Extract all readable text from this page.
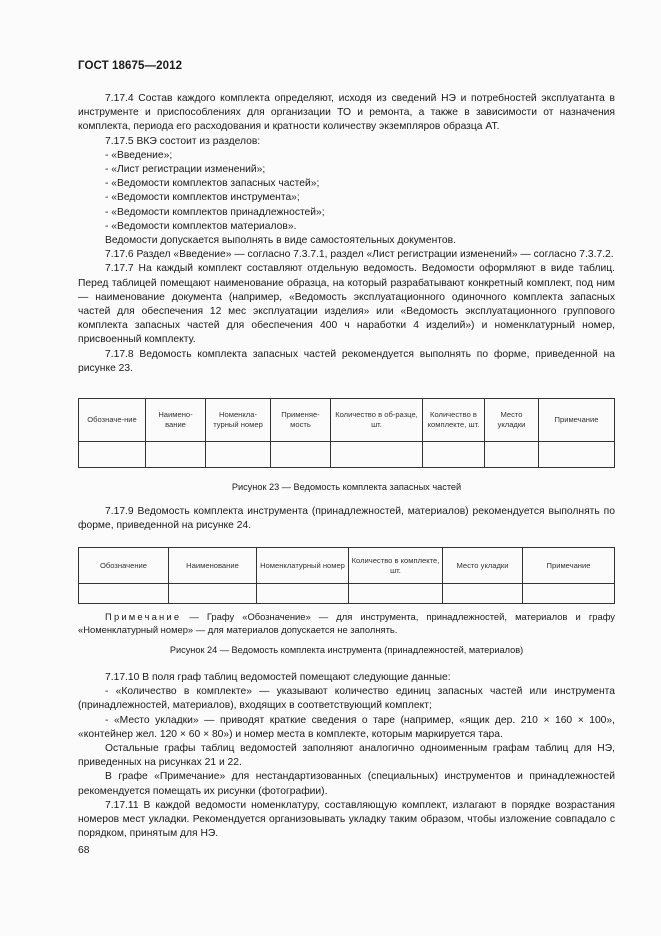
ГОСТ 18675—2012

7.17.4 Состав каждого комплекта определяют, исходя из сведений НЭ и потребностей эксплуатанта в инструменте и приспособлениях для организации ТО и ремонта, а также в зависимости от назначения комплекта, периода его расходования и кратности количеству экземпляров образца АТ.

7.17.5 ВКЭ состоит из разделов:

- «Введение»;

- «Лист регистрации изменений»;

- «Ведомости комплектов запасных частей»;

- «Ведомости комплектов инструмента»;

- «Ведомости комплектов принадлежностей»;

- «Ведомости комплектов материалов».

Ведомости допускается выполнять в виде самостоятельных документов.

7.17.6 Раздел «Введение» — согласно 7.3.7.1, раздел «Лист регистрации изменений» — согласно 7.3.7.2.

7.17.7 На каждый комплект составляют отдельную ведомость. Ведомости оформляют в виде таблиц. Перед таблицей помещают наименование образца, на который разрабатывают конкретный комплект, под ним — наименование документа (например, «Ведомость эксплуатационного одиночного комплекта запасных частей для обеспечения 12 мес эксплуатации изделия» или «Ведомость эксплуатационного группового комплекта запасных частей для обеспечения 400 ч наработки 4 изделий») и номенклатурный номер, присвоенный комплекту.

7.17.8 Ведомость комплекта запасных частей рекомендуется выполнять по форме, приведенной на рисунке 23.

Обозначе-ние	Наимено-вание	Номенкла-турный номер	Применяе-мость	Количество в об-разце, шт.	Количество в комплекте, шт.	Место укладки	Примечание

Рисунок 23 — Ведомость комплекта запасных частей

7.17.9 Ведомость комплекта инструмента (принадлежностей, материалов) рекомендуется выполнять по форме, приведенной на рисунке 24.

Обозначение	Наименование	Номенклатурный номер	Количество в комплекте, шт.	Место укладки	Примечание

Примечание — Графу «Обозначение» — для инструмента, принадлежностей, материалов и графу «Номенклатурный номер» — для материалов допускается не заполнять.
Рисунок 24 — Ведомость комплекта инструмента (принадлежностей, материалов)

7.17.10 В поля граф таблиц ведомостей помещают следующие данные:

- «Количество в комплекте» — указывают количество единиц запасных частей или инструмента (принадлежностей, материалов), входящих в соответствующий комплект;

- «Место укладки» — приводят краткие сведения о таре (например, «ящик дер. 210 × 160 × 100», «контейнер жел. 120 × 60 × 80») и номер места в комплекте, которым маркируется тара.

Остальные графы таблиц ведомостей заполняют аналогично одноименным графам таблиц для НЭ, приведенных на рисунках 21 и 22.

В графе «Примечание» для нестандартизованных (специальных) инструментов и принадлежностей рекомендуется помещать их рисунки (фотографии).

7.17.11 В каждой ведомости номенклатуру, составляющую комплект, излагают в порядке возрастания номеров мест укладки. Рекомендуется организовывать укладку таким образом, чтобы изложение совпадало с порядком, принятым для НЭ.

68
